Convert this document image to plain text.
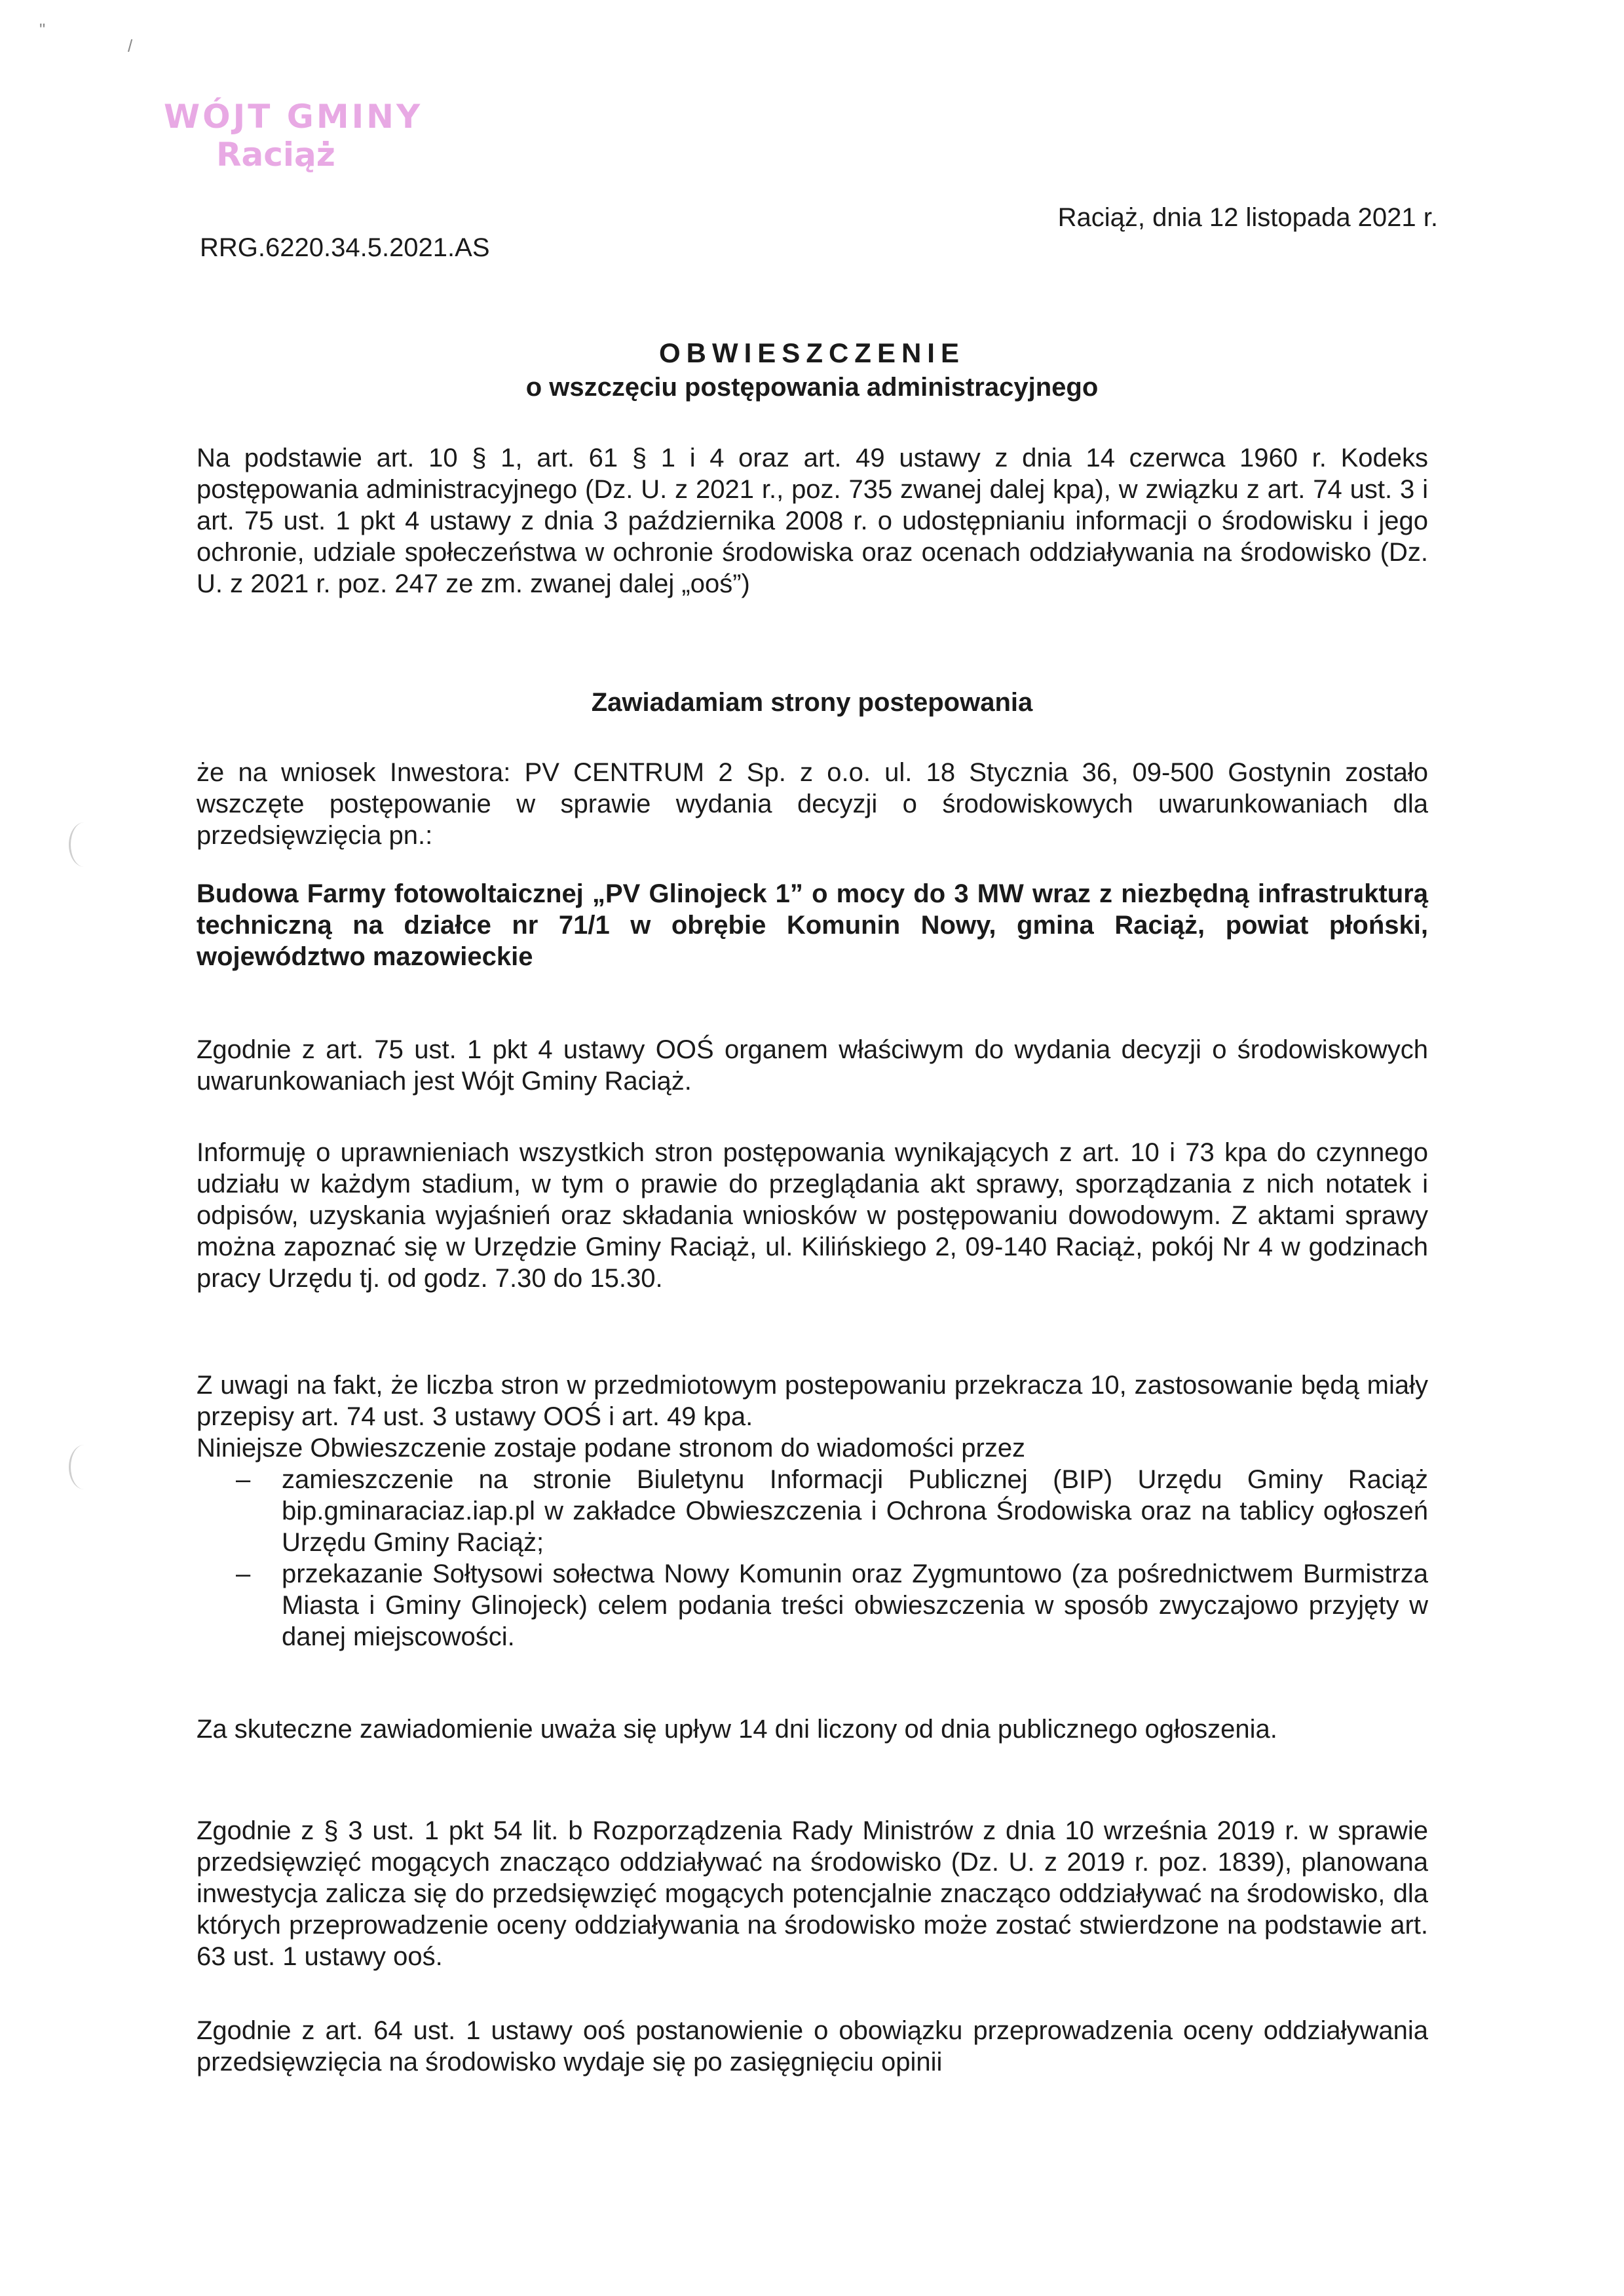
"
/
WÓJT GMINY
Raciąż
RRG.6220.34.5.2021.AS
Raciąż, dnia 12 listopada 2021 r.
OBWIESZCZENIE
o wszczęciu postępowania administracyjnego
Na podstawie art. 10 § 1, art. 61 § 1 i 4 oraz art. 49 ustawy z dnia 14 czerwca 1960 r. Kodeks postępowania administracyjnego (Dz. U. z 2021 r., poz. 735 zwanej dalej kpa), w związku z art. 74 ust. 3 i art. 75 ust. 1 pkt 4 ustawy z dnia 3 października 2008 r. o udostępnianiu informacji o środowisku i jego ochronie, udziale społeczeństwa w ochronie środowiska oraz ocenach oddziaływania na środowisko (Dz. U. z 2021 r. poz. 247 ze zm. zwanej dalej „ooś”)
Zawiadamiam strony postepowania
że na wniosek Inwestora: PV CENTRUM 2 Sp. z o.o. ul. 18 Stycznia 36, 09-500 Gostynin zostało wszczęte postępowanie w sprawie wydania decyzji o środowiskowych uwarunkowaniach dla przedsięwzięcia pn.:
Budowa Farmy fotowoltaicznej „PV Glinojeck 1” o mocy do 3 MW wraz z niezbędną infrastrukturą techniczną na działce nr 71/1 w obrębie Komunin Nowy, gmina Raciąż, powiat płoński, województwo mazowieckie
Zgodnie z art. 75 ust. 1 pkt 4 ustawy OOŚ organem właściwym do wydania decyzji o środowiskowych uwarunkowaniach jest Wójt Gminy Raciąż.
Informuję o uprawnieniach wszystkich stron postępowania wynikających z art. 10 i 73 kpa do czynnego udziału w każdym stadium, w tym o prawie do przeglądania akt sprawy, sporządzania z nich notatek i odpisów, uzyskania wyjaśnień oraz składania wniosków w postępowaniu dowodowym. Z aktami sprawy można zapoznać się w Urzędzie Gminy Raciąż, ul. Kilińskiego 2, 09-140 Raciąż, pokój Nr 4 w godzinach pracy Urzędu tj. od godz. 7.30 do 15.30.
Z uwagi na fakt, że liczba stron w przedmiotowym postepowaniu przekracza 10, zastosowanie będą miały przepisy art. 74 ust. 3 ustawy OOŚ i art. 49 kpa.
Niniejsze Obwieszczenie zostaje podane stronom do wiadomości przez
– zamieszczenie na stronie Biuletynu Informacji Publicznej (BIP) Urzędu Gminy Raciąż bip.gminaraciaz.iap.pl w zakładce Obwieszczenia i Ochrona Środowiska oraz na tablicy ogłoszeń Urzędu Gminy Raciąż;
– przekazanie Sołtysowi sołectwa Nowy Komunin oraz Zygmuntowo (za pośrednictwem Burmistrza Miasta i Gminy Glinojeck) celem podania treści obwieszczenia w sposób zwyczajowo przyjęty w danej miejscowości.
Za skuteczne zawiadomienie uważa się upływ 14 dni liczony od dnia publicznego ogłoszenia.
Zgodnie z § 3 ust. 1 pkt 54 lit. b Rozporządzenia Rady Ministrów z dnia 10 września 2019 r. w sprawie przedsięwzięć mogących znacząco oddziaływać na środowisko (Dz. U. z 2019 r. poz. 1839), planowana inwestycja zalicza się do przedsięwzięć mogących potencjalnie znacząco oddziaływać na środowisko, dla których przeprowadzenie oceny oddziaływania na środowisko może zostać stwierdzone na podstawie art. 63 ust. 1 ustawy ooś.
Zgodnie z art. 64 ust. 1 ustawy ooś postanowienie o obowiązku przeprowadzenia oceny oddziaływania przedsięwzięcia na środowisko wydaje się po zasięgnięciu opinii
